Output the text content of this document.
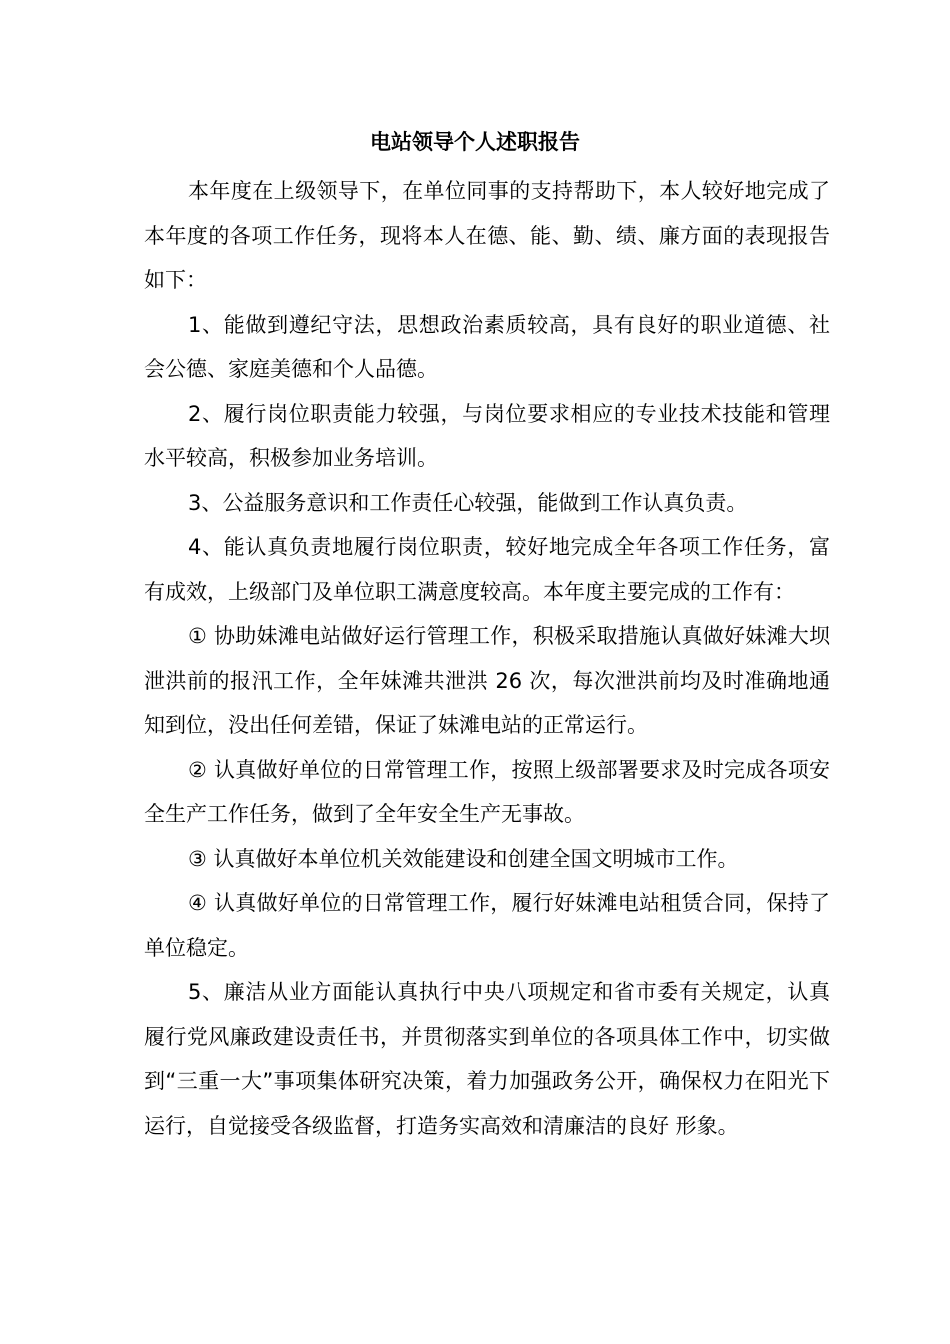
电站领导个人述职报告

本年度在上级领导下，在单位同事的支持帮助下，本人较好地完成了本年度的各项工作任务，现将本人在德、能、勤、绩、廉方面的表现报告如下：

1、能做到遵纪守法，思想政治素质较高，具有良好的职业道德、社会公德、家庭美德和个人品德。

2、履行岗位职责能力较强，与岗位要求相应的专业技术技能和管理水平较高，积极参加业务培训。

3、公益服务意识和工作责任心较强，能做到工作认真负责。

4、能认真负责地履行岗位职责，较好地完成全年各项工作任务，富有成效，上级部门及单位职工满意度较高。本年度主要完成的工作有：

① 协助妹滩电站做好运行管理工作，积极采取措施认真做好妹滩大坝泄洪前的报汛工作，全年妹滩共泄洪 26 次，每次泄洪前均及时准确地通知到位，没出任何差错，保证了妹滩电站的正常运行。

② 认真做好单位的日常管理工作，按照上级部署要求及时完成各项安全生产工作任务，做到了全年安全生产无事故。

③ 认真做好本单位机关效能建设和创建全国文明城市工作。

④ 认真做好单位的日常管理工作，履行好妹滩电站租赁合同，保持了单位稳定。

5、廉洁从业方面能认真执行中央八项规定和省市委有关规定，认真履行党风廉政建设责任书，并贯彻落实到单位的各项具体工作中，切实做到“三重一大”事项集体研究决策，着力加强政务公开，确保权力在阳光下运行，自觉接受各级监督，打造务实高效和清廉洁的良好 形象。
